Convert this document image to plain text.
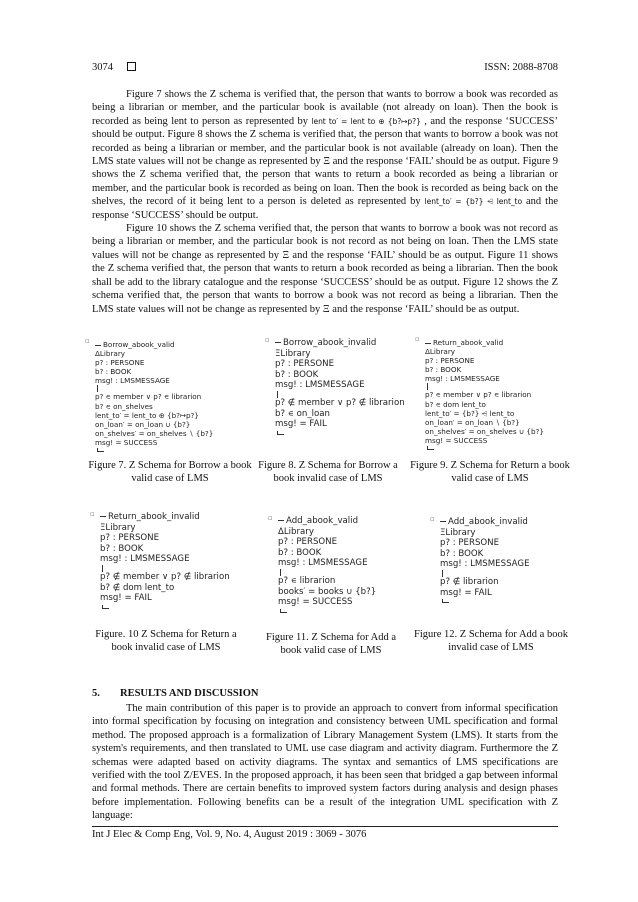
3074	ISSN: 2088-8708

Figure 7 shows the Z schema is verified that, the person that wants to borrow a book was recorded as being a librarian or member, and the particular book is available (not already on loan). Then the book is recorded as being lent to person as represented by lent to′ = lent to ⊕ {b?↦p?} , and the response ‘SUCCESS’ should be output. Figure 8 shows the Z schema is verified that, the person that wants to borrow a book was not recorded as being a librarian or member, and the particular book is not available (already on loan). Then the LMS state values will not be change as represented by Ξ and the response ‘FAIL’ should be as output. Figure 9 shows the Z schema verified that, the person that wants to return a book recorded as being a librarian or member, and the particular book is recorded as being on loan. Then the book is recorded as being back on the shelves, the record of it being lent to a person is deleted as represented by lent_to′ = {b?} ⩤ lent_to and the response ‘SUCCESS’ should be output.

Figure 10 shows the Z schema verified that, the person that wants to borrow a book was not record as being a librarian or member, and the particular book is not record as not being on loan. Then the LMS state values will not be change as represented by Ξ and the response ‘FAIL’ should be as output. Figure 11 shows the Z schema verified that, the person that wants to return a book recorded as being a librarian. Then the book shall be add to the library catalogue and the response ‘SUCCESS’ should be as output. Figure 12 shows the Z schema verified that, the person that wants to borrow a book was not record as being a librarian. Then the LMS state values will not be change as represented by Ξ and the response ‘FAIL’ should be as output.

▫	Borrow_abook_valid
ΔLibrary
p? : PERSONE
b? : BOOK
msg! : LMSMESSAGE
p? ∊ member ∨ p? ∊ librarion
b? ∊ on_shelves
lent_to′ = lent_to ⊕ {b?↦p?}
on_loan′ = on_loan ∪ {b?}
on_shelves′ = on_shelves ∖ {b?}
msg! = SUCCESS
▫	Borrow_abook_invalid
ΞLibrary
p? : PERSONE
b? : BOOK
msg! : LMSMESSAGE
p? ∉ member ∨ p? ∉ librarion
b? ∊ on_loan
msg! = FAIL
▫	Return_abook_valid
ΔLibrary
p? : PERSONE
b? : BOOK
msg! : LMSMESSAGE
p? ∊ member ∨ p? ∊ librarion
b? ∊ dom lent_to
lent_to′ = {b?} ⩤ lent_to
on_loan′ = on_loan ∖ {b?}
on_shelves′ = on_shelves ∪ {b?}
msg! = SUCCESS
▫	Return_abook_invalid
ΞLibrary
p? : PERSONE
b? : BOOK
msg! : LMSMESSAGE
p? ∉ member ∨ p? ∉ librarion
b? ∉ dom lent_to
msg! = FAIL
▫	Add_abook_valid
ΔLibrary
p? : PERSONE
b? : BOOK
msg! : LMSMESSAGE
p? ∊ librarion
books′ = books ∪ {b?}
msg! = SUCCESS
▫	Add_abook_invalid
ΞLibrary
p? : PERSONE
b? : BOOK
msg! : LMSMESSAGE
p? ∉ librarion
msg! = FAIL
Figure 7. Z Schema for Borrow a book valid case of LMS
Figure 8. Z Schema for Borrow a book invalid case of LMS
Figure 9. Z Schema for Return a book valid case of LMS
Figure. 10 Z Schema for Return a book invalid case of LMS
Figure 11. Z Schema for Add a book valid case of LMS
Figure 12. Z Schema for Add a book invalid case of LMS
5. RESULTS AND DISCUSSION

The main contribution of this paper is to provide an approach to convert from informal specification into formal specification by focusing on integration and consistency between UML specification and formal method. The proposed approach is a formalization of Library Management System (LMS). It starts from the system's requirements, and then translated to UML use case diagram and activity diagram. Furthermore the Z schemas were adapted based on activity diagrams. The syntax and semantics of LMS specifications are verified with the tool Z/EVES. In the proposed approach, it has been seen that bridged a gap between informal and formal methods. There are certain benefits to improved system factors during analysis and design phases before implementation. Following benefits can be a result of the integration UML specification with Z language:

Int J Elec & Comp Eng, Vol. 9, No. 4, August 2019 : 3069 - 3076
